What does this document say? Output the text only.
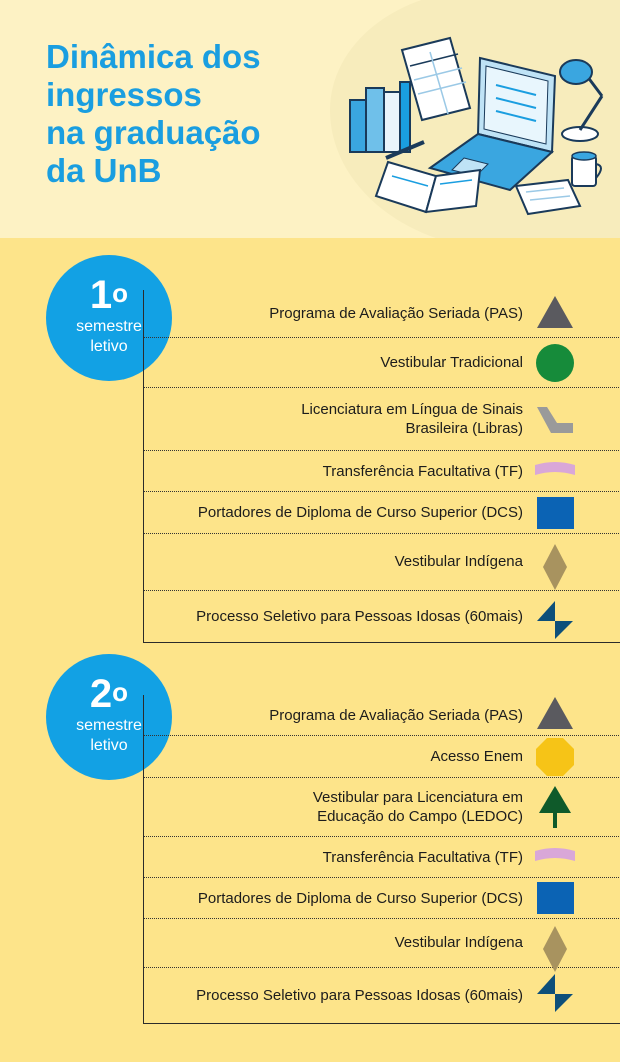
Dinâmica dos
ingressos
na graduação
da UnB
1$^o$
semestre
letivo
Programa de Avaliação Seriada (PAS)
Vestibular Tradicional
Licenciatura em Língua de Sinais
Brasileira (Libras)
Transferência Facultativa (TF)
Portadores de Diploma de Curso Superior (DCS)
Vestibular Indígena
Processo Seletivo para Pessoas Idosas (60mais)
2$^o$
semestre
letivo
Programa de Avaliação Seriada (PAS)
Acesso Enem
Vestibular para Licenciatura em
Educação do Campo (LEDOC)
Transferência Facultativa (TF)
Portadores de Diploma de Curso Superior (DCS)
Vestibular Indígena
Processo Seletivo para Pessoas Idosas (60mais)
